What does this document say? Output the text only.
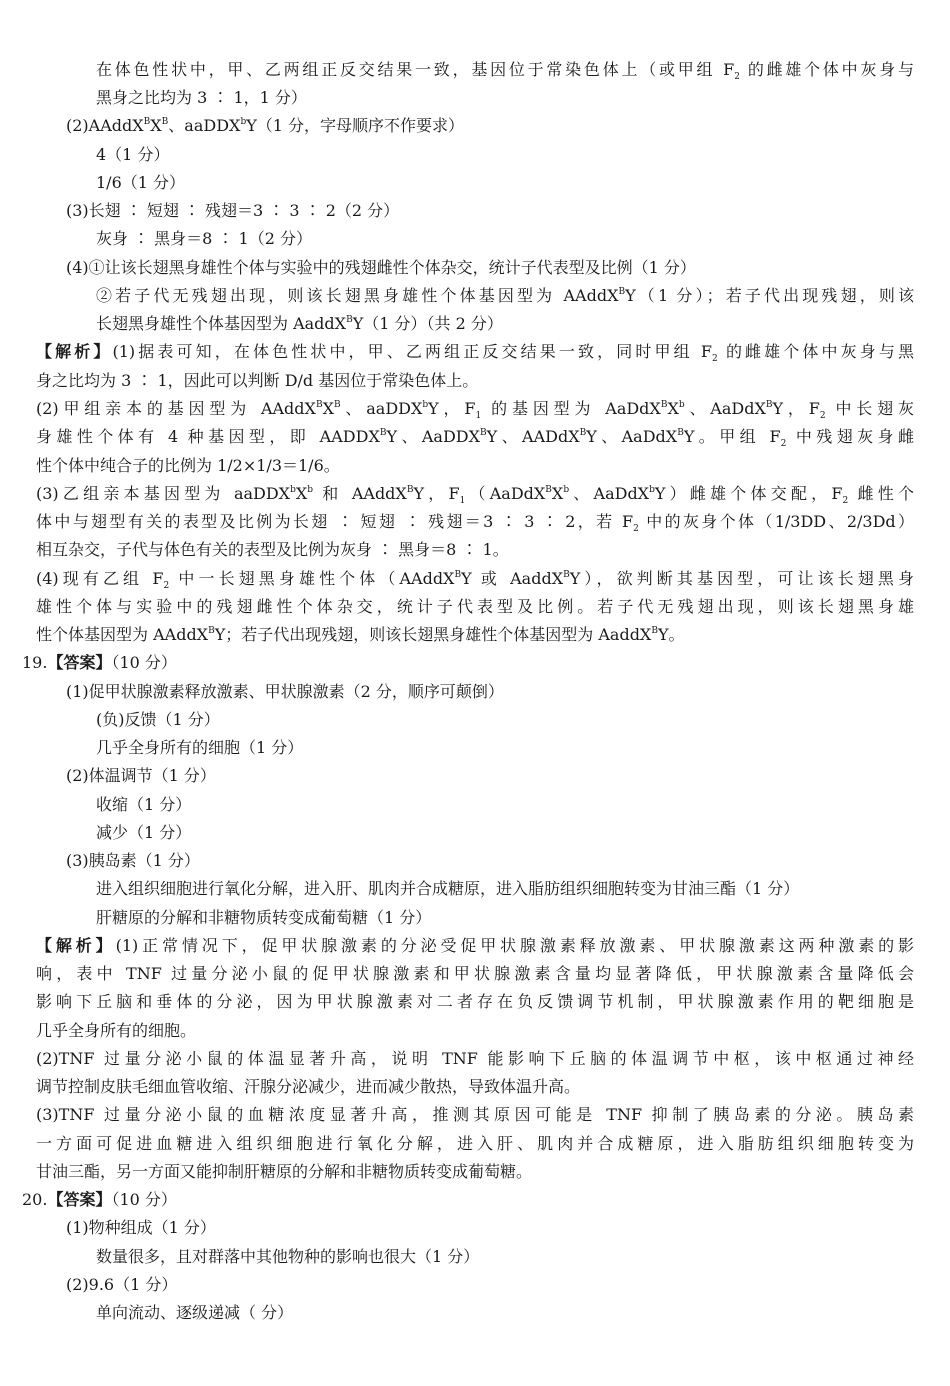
在体色性状中，甲、乙两组正反交结果一致，基因位于常染色体上（或甲组 $F_2$ 的雌雄个体中灰身与
黑身之比均为 3 ∶ 1，1 分）
$(2)AAddX^BX^B$、aaDDX$^b$Y（1 分，字母顺序不作要求）
4（1 分）
1/6（1 分）
(3)长翅 ∶ 短翅 ∶ 残翅＝3 ∶ 3 ∶ 2（2 分）
灰身 ∶ 黑身＝8 ∶ 1（2 分）
(4)①让该长翅黑身雄性个体与实验中的残翅雌性个体杂交，统计子代表型及比例（1 分）
②若子代无残翅出现，则该长翅黑身雄性个体基因型为 AAddX$^B$Y（1 分）；若子代出现残翅，则该
长翅黑身雄性个体基因型为 AaddX$^B$Y（1 分）（共 2 分）
【解析】(1)据表可知，在体色性状中，甲、乙两组正反交结果一致，同时甲组 $F_2$ 的雌雄个体中灰身与黑
身之比均为 3 ∶ 1，因此可以判断 D/d 基因位于常染色体上。
(2)甲组亲本的基因型为 $AAddX^BX^B$、aaDDX$^b$Y，$F_1$ 的基因型为 $AaDdX^BX^b$、AaDdX$^B$Y，$F_2$ 中长翅灰
身雄性个体有 4 种基因型，即 $AADDX^BY$、AaDDX$^B$Y、AADdX$^B$Y、AaDdX$^B$Y。甲组 $F_2$ 中残翅灰身雌
性个体中纯合子的比例为 1/2×1/3＝1/6。
(3)乙组亲本基因型为 $aaDDX^bX^b$ 和 AAddX$^B$Y，$F_1(AaDdX^BX^b$、AaDdX$^b$Y）雌雄个体交配，$F_2$ 雌性个
体中与翅型有关的表型及比例为长翅 ∶ 短翅 ∶ 残翅＝3 ∶ 3 ∶ 2，若 $F_2$ 中的灰身个体（1/3DD、2/3Dd）
相互杂交，子代与体色有关的表型及比例为灰身 ∶ 黑身＝8 ∶ 1。
(4)现有乙组 $F_2$ 中一长翅黑身雄性个体（AAddX$^B$Y 或 AaddX$^B$Y），欲判断其基因型，可让该长翅黑身
雄性个体与实验中的残翅雌性个体杂交，统计子代表型及比例。若子代无残翅出现，则该长翅黑身雄
性个体基因型为 AAddX$^B$Y；若子代出现残翅，则该长翅黑身雄性个体基因型为 AaddX$^B$Y。
19.【答案】（10 分）
(1)促甲状腺激素释放激素、甲状腺激素（2 分，顺序可颠倒）
(负)反馈（1 分）
几乎全身所有的细胞（1 分）
(2)体温调节（1 分）
收缩（1 分）
减少（1 分）
(3)胰岛素（1 分）
进入组织细胞进行氧化分解，进入肝、肌肉并合成糖原，进入脂肪组织细胞转变为甘油三酯（1 分）
肝糖原的分解和非糖物质转变成葡萄糖（1 分）
【解析】(1)正常情况下，促甲状腺激素的分泌受促甲状腺激素释放激素、甲状腺激素这两种激素的影
响，表中 TNF 过量分泌小鼠的促甲状腺激素和甲状腺激素含量均显著降低，甲状腺激素含量降低会
影响下丘脑和垂体的分泌，因为甲状腺激素对二者存在负反馈调节机制，甲状腺激素作用的靶细胞是
几乎全身所有的细胞。
(2)TNF 过量分泌小鼠的体温显著升高，说明 TNF 能影响下丘脑的体温调节中枢，该中枢通过神经
调节控制皮肤毛细血管收缩、汗腺分泌减少，进而减少散热，导致体温升高。
(3)TNF 过量分泌小鼠的血糖浓度显著升高，推测其原因可能是 TNF 抑制了胰岛素的分泌。胰岛素
一方面可促进血糖进入组织细胞进行氧化分解，进入肝、肌肉并合成糖原，进入脂肪组织细胞转变为
甘油三酯，另一方面又能抑制肝糖原的分解和非糖物质转变成葡萄糖。
20.【答案】（10 分）
(1)物种组成（1 分）
数量很多，且对群落中其他物种的影响也很大（1 分）
(2)9.6（1 分）
单向流动、逐级递减（ 分）
